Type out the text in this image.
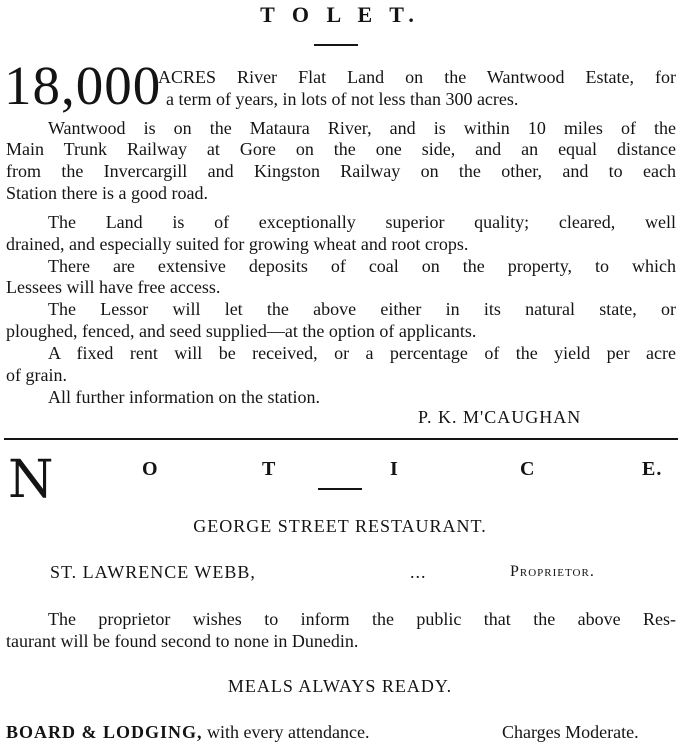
T O L E T.
18,000
ACRES River Flat Land on the Wantwood Estate, for
a term of years, in lots of not less than 300 acres.
Wantwood is on the Mataura River, and is within 10 miles of the
Main Trunk Railway at Gore on the one side, and an equal distance
from the Invercargill and Kingston Railway on the other, and to each
Station there is a good road.
The Land is of exceptionally superior quality; cleared, well
drained, and especially suited for growing wheat and root crops.
There are extensive deposits of coal on the property, to which
Lessees will have free access.
The Lessor will let the above either in its natural state, or
ploughed, fenced, and seed supplied—at the option of applicants.
A fixed rent will be received, or a percentage of the yield per acre
of grain.
All further information on the station.
P. K. M'CAUGHAN
N	O	T	I	C	E.
GEORGE STREET RESTAURANT.
ST. LAWRENCE WEBB,	...	Proprietor.
The proprietor wishes to inform the public that the above Res-
taurant will be found second to none in Dunedin.
MEALS ALWAYS READY.
BOARD & LODGING, with every attendance.	Charges Moderate.
